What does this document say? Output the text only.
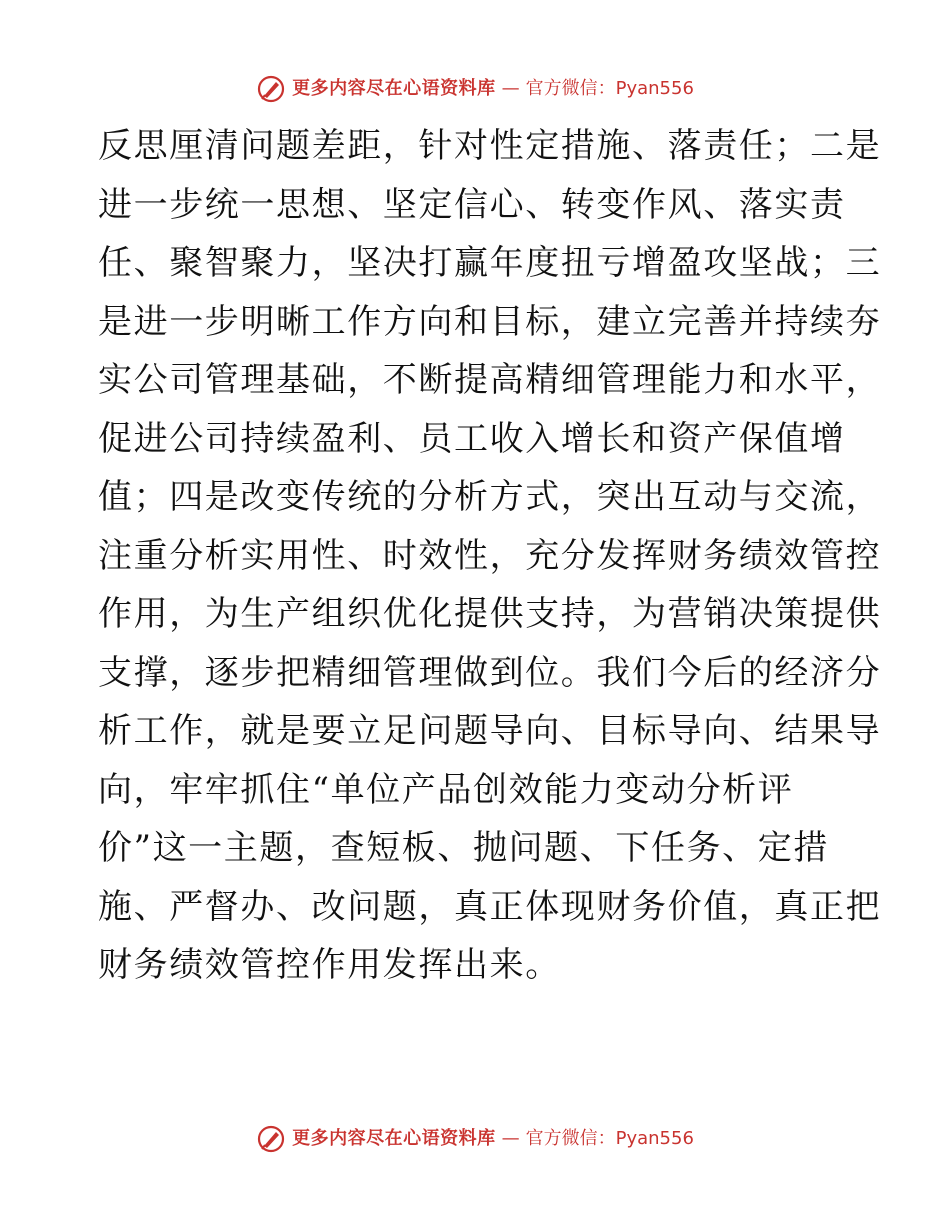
更多内容尽在心语资料库 — 官方微信：Pyan556
反思厘清问题差距，针对性定措施、落责任；二是
进一步统一思想、坚定信心、转变作风、落实责
任、聚智聚力，坚决打赢年度扭亏增盈攻坚战；三
是进一步明晰工作方向和目标，建立完善并持续夯
实公司管理基础，不断提高精细管理能力和水平，
促进公司持续盈利、员工收入增长和资产保值增
值；四是改变传统的分析方式，突出互动与交流，
注重分析实用性、时效性，充分发挥财务绩效管控
作用，为生产组织优化提供支持，为营销决策提供
支撑，逐步把精细管理做到位。我们今后的经济分
析工作，就是要立足问题导向、目标导向、结果导
向，牢牢抓住“单位产品创效能力变动分析评
价”这一主题，查短板、抛问题、下任务、定措
施、严督办、改问题，真正体现财务价值，真正把
财务绩效管控作用发挥出来。
更多内容尽在心语资料库 — 官方微信：Pyan556
